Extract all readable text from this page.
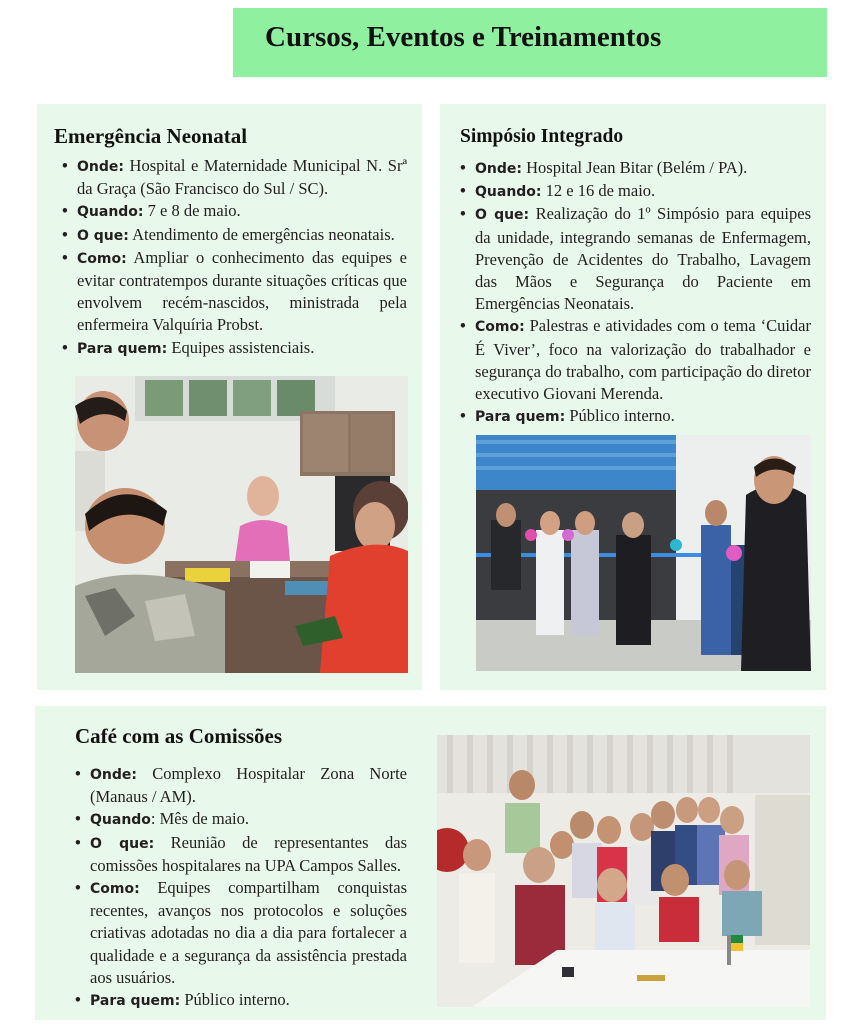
Cursos, Eventos e Treinamentos
Emergência Neonatal
• Onde: Hospital e Maternidade Municipal N. Srª da Graça (São Francisco do Sul / SC).
• Quando: 7 e 8 de maio.
• O que: Atendimento de emergências neonatais.
• Como: Ampliar o conhecimento das equipes e evitar contratempos durante situações críticas que envolvem recém-nascidos, ministrada pela enfermeira Valquíria Probst.
• Para quem: Equipes assistenciais.
Simpósio Integrado
• Onde: Hospital Jean Bitar (Belém / PA).
• Quando: 12 e 16 de maio.
• O que: Realização do 1º Simpósio para equipes da unidade, integrando semanas de Enfermagem, Prevenção de Acidentes do Trabalho, Lavagem das Mãos e Segurança do Paciente em Emergências Neonatais.
• Como: Palestras e atividades com o tema ‘Cuidar É Viver’, foco na valorização do trabalhador e segurança do trabalho, com participação do diretor executivo Giovani Merenda.
• Para quem: Público interno.
Café com as Comissões
• Onde: Complexo Hospitalar Zona Norte (Manaus / AM).
• Quando: Mês de maio.
• O que: Reunião de representantes das comissões hospitalares na UPA Campos Salles.
• Como: Equipes compartilham conquistas recentes, avanços nos protocolos e soluções criativas adotadas no dia a dia para fortalecer a qualidade e a segurança da assistência prestada aos usuários.
• Para quem: Público interno.
